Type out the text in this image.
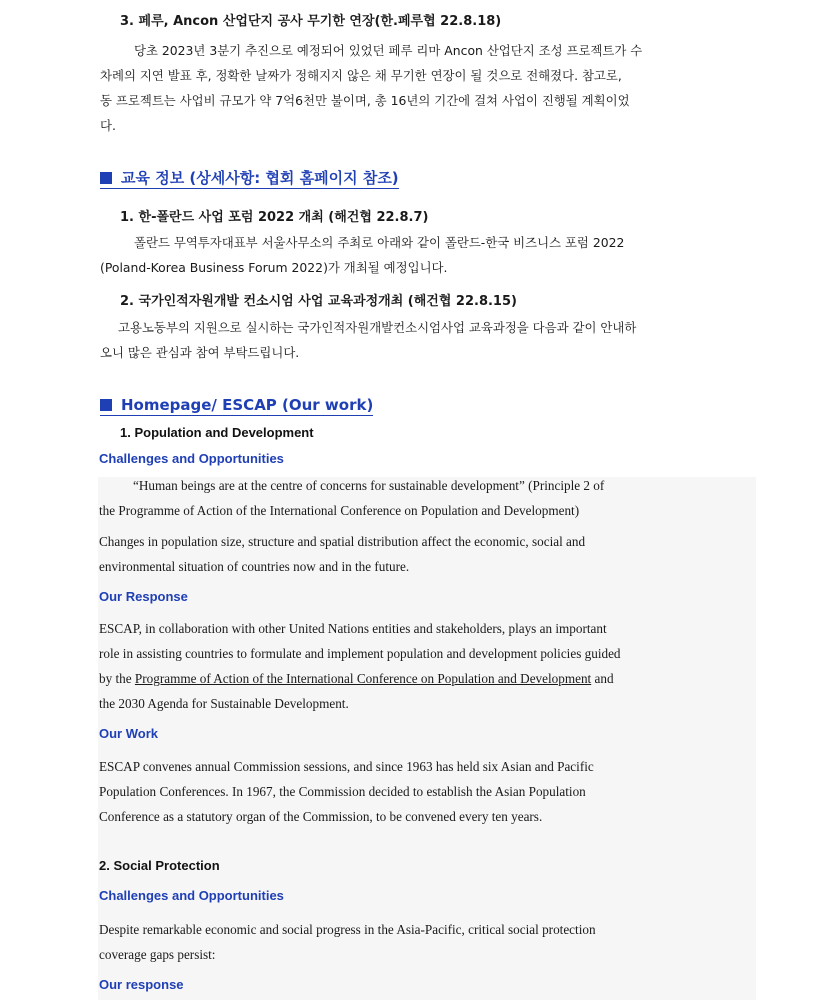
3. 페루, Ancon 산업단지 공사 무기한 연장(한.페루협 22.8.18)
당초 2023년 3분기 추진으로 예정되어 있었던 페루 리마 Ancon 산업단지 조성 프로젝트가 수
차례의 지연 발표 후, 정확한 날짜가 정해지지 않은 채 무기한 연장이 될 것으로 전해졌다. 참고로,
동 프로젝트는 사업비 규모가 약 7억6천만 불이며, 총 16년의 기간에 걸쳐 사업이 진행될 계획이었
다.
교육 정보 (상세사항: 협회 홈페이지 참조)
1. 한-폴란드 사업 포럼 2022 개최 (해건협 22.8.7)
폴란드 무역투자대표부 서울사무소의 주최로 아래와 같이 폴란드-한국 비즈니스 포럼 2022
(Poland-Korea Business Forum 2022)가 개최될 예정입니다.
2. 국가인적자원개발 컨소시엄 사업 교육과정개최 (해건협 22.8.15)
고용노동부의 지원으로 실시하는 국가인적자원개발컨소시엄사업 교육과정을 다음과 같이 안내하
오니 많은 관심과 참여 부탁드립니다.
Homepage/ ESCAP (Our work)
1. Population and Development
Challenges and Opportunities
“Human beings are at the centre of concerns for sustainable development” (Principle 2 of
the Programme of Action of the International Conference on Population and Development)
Changes in population size, structure and spatial distribution affect the economic, social and
environmental situation of countries now and in the future.
Our Response
ESCAP, in collaboration with other United Nations entities and stakeholders, plays an important
role in assisting countries to formulate and implement population and development policies guided
by the Programme of Action of the International Conference on Population and Development and
the 2030 Agenda for Sustainable Development.
Our Work
ESCAP convenes annual Commission sessions, and since 1963 has held six Asian and Pacific
Population Conferences. In 1967, the Commission decided to establish the Asian Population
Conference as a statutory organ of the Commission, to be convened every ten years.
2. Social Protection
Challenges and Opportunities
Despite remarkable economic and social progress in the Asia-Pacific, critical social protection
coverage gaps persist:
Our response
